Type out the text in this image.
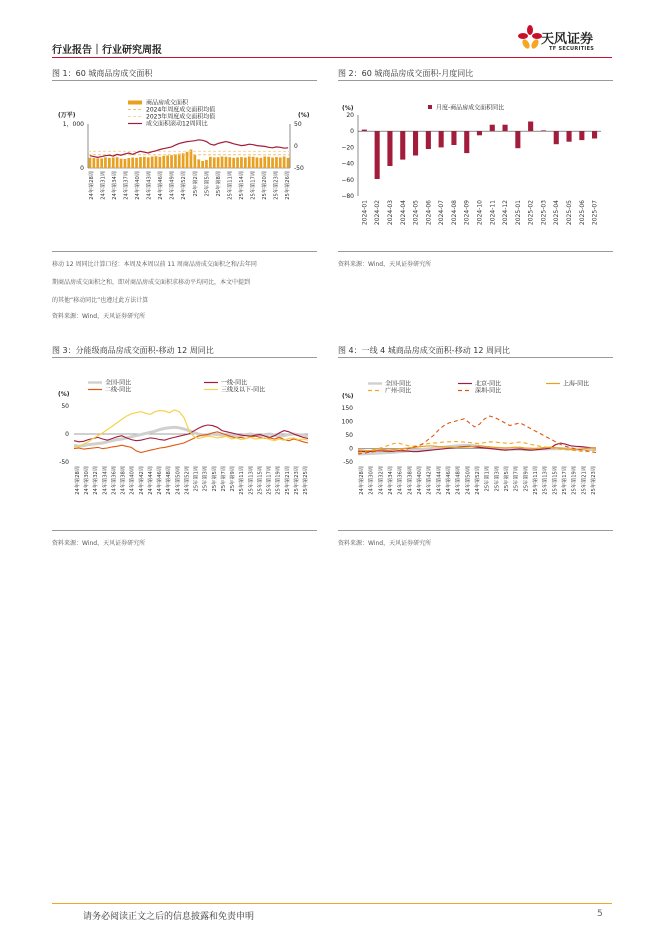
行业报告｜行业研究周报
天风证券
TF SECURITIES
图 1：60 城商品房成交面积	图 2：60 城商品房成交面积-月度同比
(万平)	(%)
1，000
0
50
0
-50
商品房成交面积
2024年周度成交面积均值
2023年周度成交面积均值
成交面积滚动12周同比
24年第28周	24年第31周	24年第34周	24年第37周	24年第40周	24年第43周	24年第46周	24年第49周	24年第52周	25年第2周	25年第5周	25年第8周	25年第11周	25年第14周	25年第17周	25年第20周	25年第23周	25年第26周
(%)
20
0
−20
−40
−60
−80
月度-商品房成交面积同比
2024-01 2024-02 2024-03 2024-04 2024-05 2024-06 2024-07 2024-08 2024-09 2024-10 2024-11 2024-12 2025-01 2025-02 2025-03 2025-04 2025-05 2025-06 2025-07
移动 12 周同比计算口径：本周及本周以前 11 周商品房成交面积之和/去年同
期商品房成交面积之和，即对商品房成交面积求移动平均同比，本文中提到
的其他“移动同比”也遵过此方法计算
资料来源：Wind，天风证券研究所
资料来源：Wind，天风证券研究所
图 3：分能级商品房成交面积-移动 12 周同比	图 4：一线 4 城商品房成交面积-移动 12 周同比
(%)
50
0
-50
全国-同比	一线-同比
二线-同比	三线及以下-同比
24年第28周 24年第30周 24年第32周 24年第34周 24年第36周 24年第38周 24年第40周 24年第42周 24年第44周 24年第46周 24年第48周 24年第50周 24年第52周 25年第1周 25年第3周 25年第5周 25年第7周 25年第9周 25年第11周 25年第13周 25年第15周 25年第17周 25年第19周 25年第21周 25年第23周 25年第25周
(%)
150
100
50
0
-50
全国-同比	北京-同比	上海-同比
广州-同比	深圳-同比
24年第28周 24年第30周 24年第32周 24年第34周 24年第36周 24年第38周 24年第40周 24年第42周 24年第44周 24年第46周 24年第48周 24年第50周 24年第52周 25年第1周 25年第3周 25年第5周 25年第7周 25年第9周 25年第11周 25年第13周 25年第15周 25年第17周 25年第19周 25年第21周 25年第23周
资料来源：Wind，天风证券研究所	资料来源：Wind，天风证券研究所
请务必阅读正文之后的信息披露和免责申明	5
